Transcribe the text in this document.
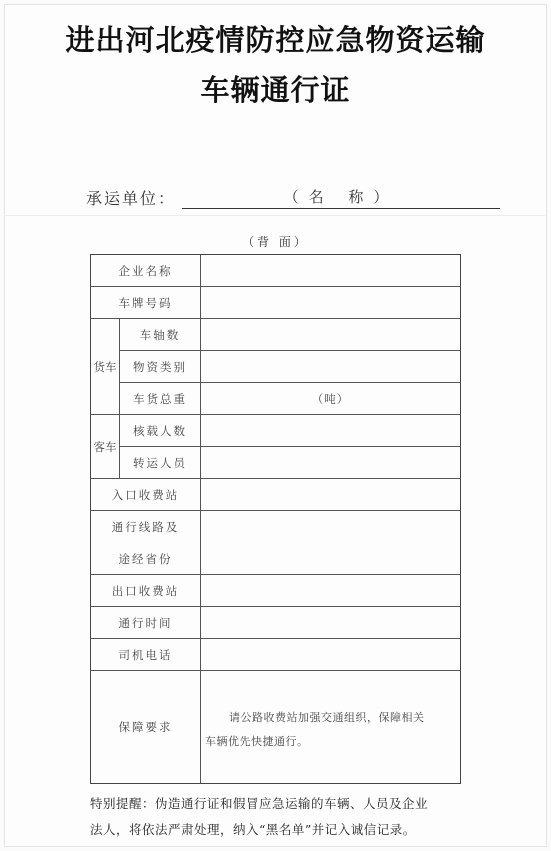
进出河北疫情防控应急物资运输
车辆通行证
承运单位：	（名 称）
（背 面）
企业名称
车牌号码
货车
车轴数
物资类别
车货总重	（吨）
客车
核载人数
转运人员
入口收费站
通行线路及
途经省份
出口收费站
通行时间
司机电话
保障要求
请公路收费站加强交通组织，保障相关
车辆优先快捷通行。
特别提醒：伪造通行证和假冒应急运输的车辆、人员及企业
法人，将依法严肃处理，纳入“黑名单”并记入诚信记录。
